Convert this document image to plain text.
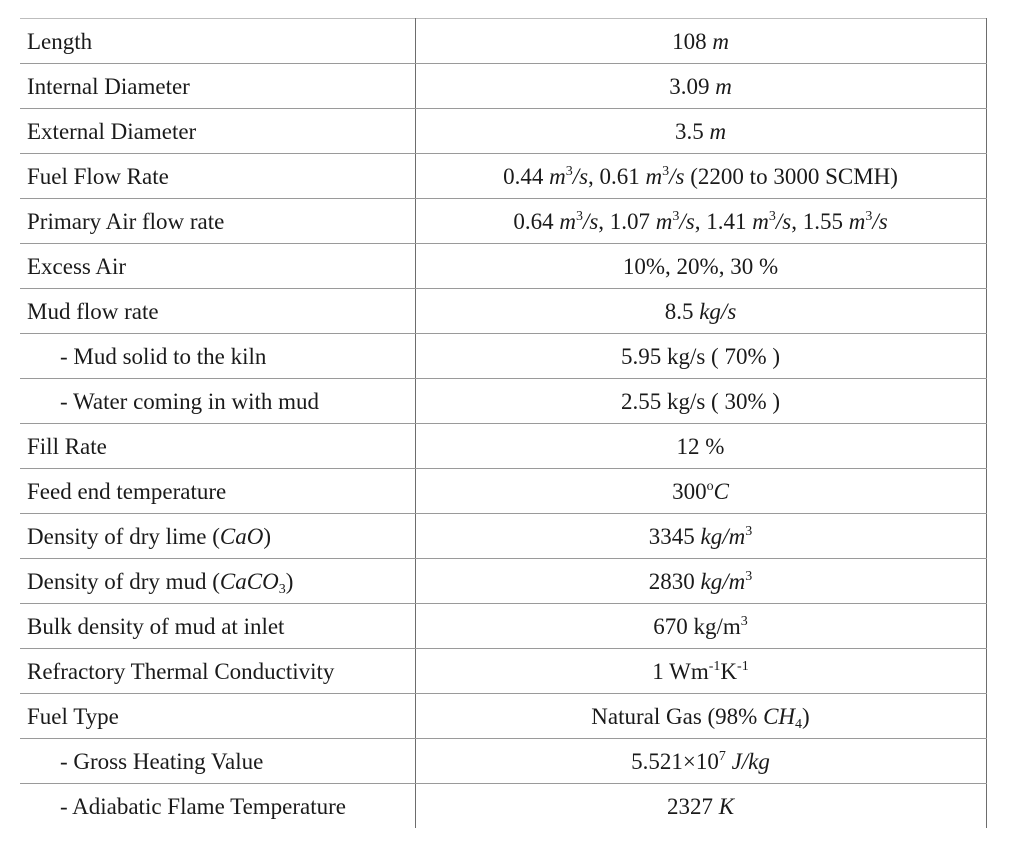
Length	108 m
Internal Diameter	3.09 m
External Diameter	3.5 m
Fuel Flow Rate	0.44 $m^3/s$, 0.61 $m^3/s$ (2200 to 3000 SCMH)
Primary Air flow rate	0.64 $m^3/s$, 1.07 $m^3/s$, 1.41 $m^3/s$, 1.55 $m^3/s$
Excess Air	10%, 20%, 30 %
Mud flow rate	8.5 kg/s
- Mud solid to the kiln	5.95 kg/s ( 70% )
- Water coming in with mud	2.55 kg/s ( 30% )
Fill Rate	12 %
Feed end temperature	300$^o$C
Density of dry lime (CaO)	3345 $kg/m^3$
Density of dry mud (CaCO$_3$)	2830 $kg/m^3$
Bulk density of mud at inlet	670 $kg/m^3$
Refractory Thermal Conductivity	1 $Wm^{-1}K^{-1}$
Fuel Type	Natural Gas (98% $CH_4$)
- Gross Heating Value	$5.521\times 10^7$ J/kg
- Adiabatic Flame Temperature	2327 K
